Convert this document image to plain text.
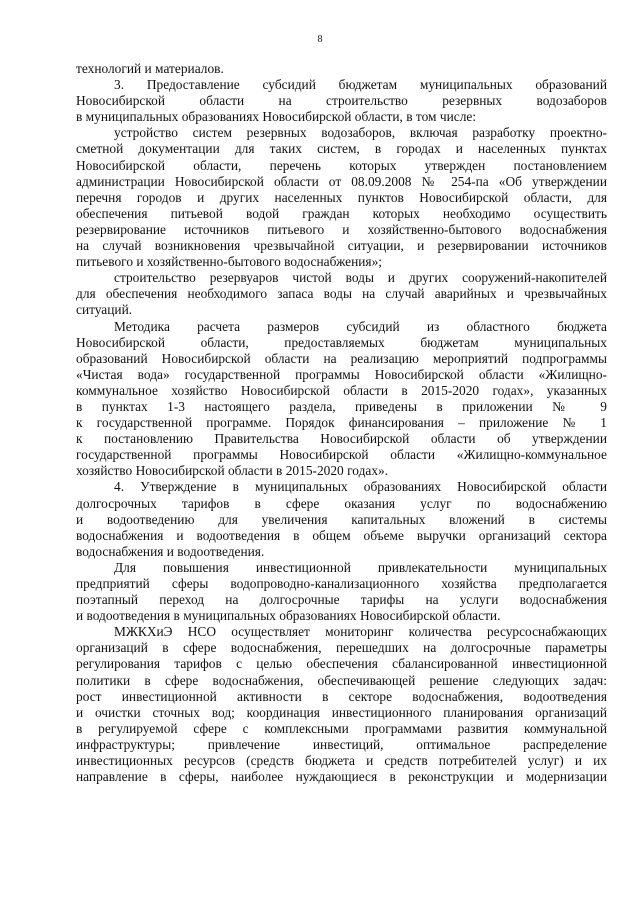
8
технологий и материалов.
3. Предоставление субсидий бюджетам муниципальных образований
Новосибирской области на строительство резервных водозаборов
в муниципальных образованиях Новосибирской области, в том числе:
устройство систем резервных водозаборов, включая разработку проектно-
сметной документации для таких систем, в городах и населенных пунктах
Новосибирской области, перечень которых утвержден постановлением
администрации Новосибирской области от 08.09.2008 № 254-па «Об утверждении
перечня городов и других населенных пунктов Новосибирской области, для
обеспечения питьевой водой граждан которых необходимо осуществить
резервирование источников питьевого и хозяйственно-бытового водоснабжения
на случай возникновения чрезвычайной ситуации, и резервировании источников
питьевого и хозяйственно-бытового водоснабжения»;
строительство резервуаров чистой воды и других сооружений-накопителей
для обеспечения необходимого запаса воды на случай аварийных и чрезвычайных
ситуаций.
Методика расчета размеров субсидий из областного бюджета
Новосибирской области, предоставляемых бюджетам муниципальных
образований Новосибирской области на реализацию мероприятий подпрограммы
«Чистая вода» государственной программы Новосибирской области «Жилищно-
коммунальное хозяйство Новосибирской области в 2015-2020 годах», указанных
в пунктах 1-3 настоящего раздела, приведены в приложении № 9
к государственной программе. Порядок финансирования – приложение № 1
к постановлению Правительства Новосибирской области об утверждении
государственной программы Новосибирской области «Жилищно-коммунальное
хозяйство Новосибирской области в 2015-2020 годах».
4. Утверждение в муниципальных образованиях Новосибирской области
долгосрочных тарифов в сфере оказания услуг по водоснабжению
и водоотведению для увеличения капитальных вложений в системы
водоснабжения и водоотведения в общем объеме выручки организаций сектора
водоснабжения и водоотведения.
Для повышения инвестиционной привлекательности муниципальных
предприятий сферы водопроводно-канализационного хозяйства предполагается
поэтапный переход на долгосрочные тарифы на услуги водоснабжения
и водоотведения в муниципальных образованиях Новосибирской области.
МЖКХиЭ НСО осуществляет мониторинг количества ресурсоснабжающих
организаций в сфере водоснабжения, перешедших на долгосрочные параметры
регулирования тарифов с целью обеспечения сбалансированной инвестиционной
политики в сфере водоснабжения, обеспечивающей решение следующих задач:
рост инвестиционной активности в секторе водоснабжения, водоотведения
и очистки сточных вод; координация инвестиционного планирования организаций
в регулируемой сфере с комплексными программами развития коммунальной
инфраструктуры; привлечение инвестиций, оптимальное распределение
инвестиционных ресурсов (средств бюджета и средств потребителей услуг) и их
направление в сферы, наиболее нуждающиеся в реконструкции и модернизации
